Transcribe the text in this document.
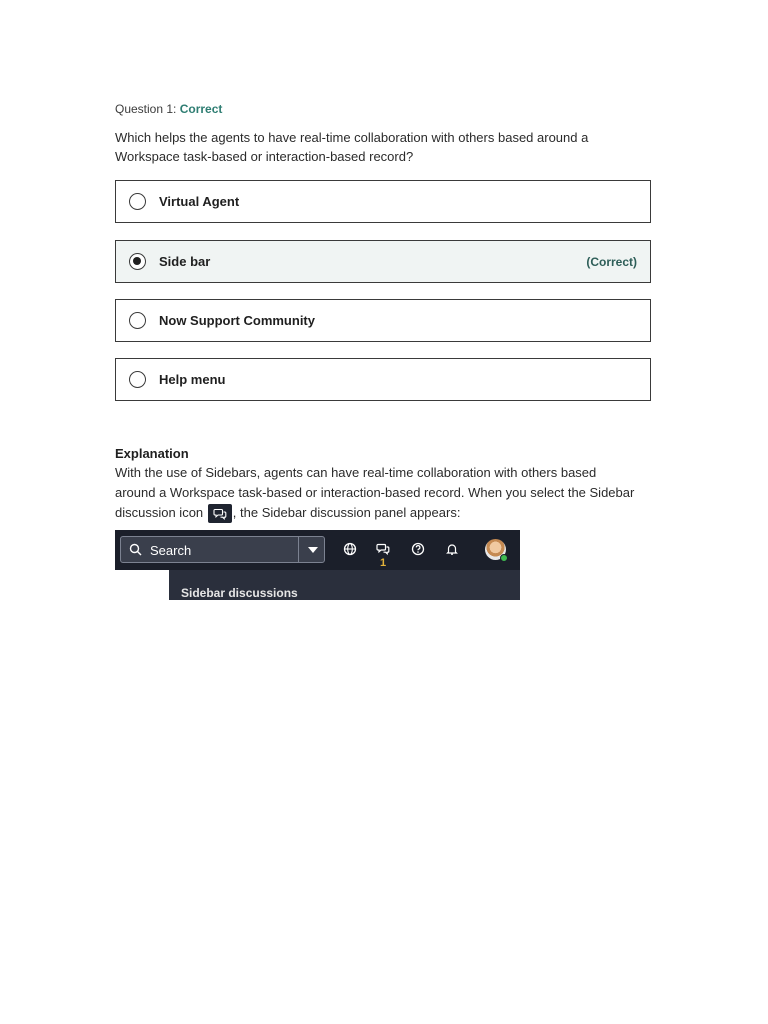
Question 1: Correct
Which helps the agents to have real-time collaboration with others based around a Workspace task-based or interaction-based record?
Virtual Agent
Side bar	(Correct)
Now Support Community
Help menu
Explanation
With the use of Sidebars, agents can have real-time collaboration with others based around a Workspace task-based or interaction-based record. When you select the Sidebar discussion icon , the Sidebar discussion panel appears:
Search
1
Sidebar discussions
